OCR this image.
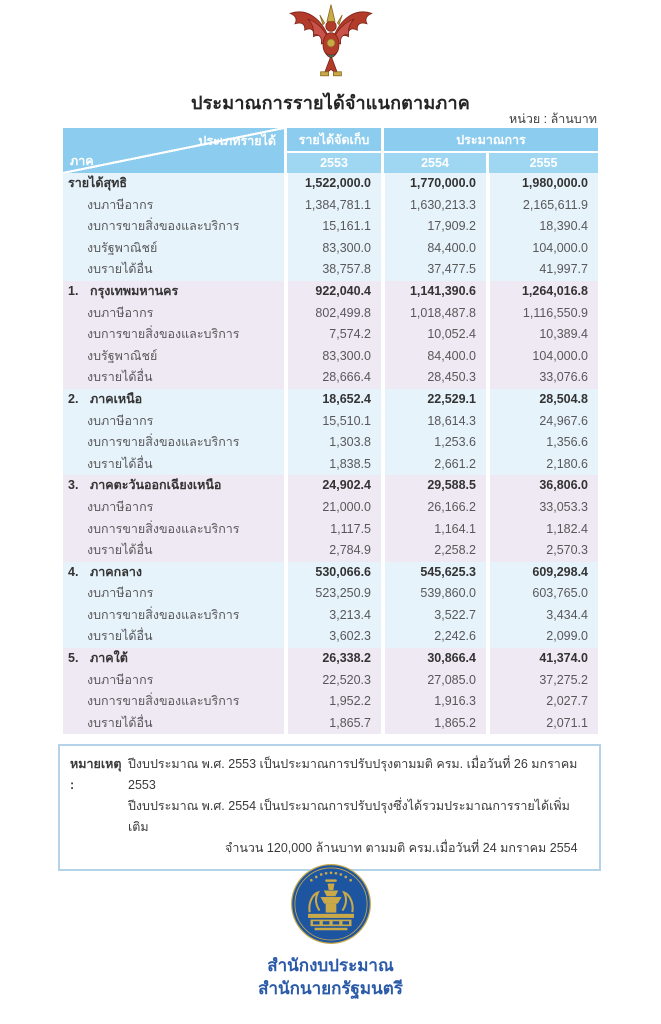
ประมาณการรายได้จำแนกตามภาค
หน่วย : ล้านบาท
ประเภทรายได้
ภาค	รายได้จัดเก็บ	ประมาณการ	
	2553	2554	2555

รายได้สุทธิ	1,522,000.0	1,770,000.0	1,980,000.0
งบภาษีอากร	1,384,781.1	1,630,213.3	2,165,611.9
งบการขายสิ่งของและบริการ	15,161.1	17,909.2	18,390.4
งบรัฐพาณิชย์	83,300.0	84,400.0	104,000.0
งบรายได้อื่น	38,757.8	37,477.5	41,997.7

1. กรุงเทพมหานคร	922,040.4	1,141,390.6	1,264,016.8
งบภาษีอากร	802,499.8	1,018,487.8	1,116,550.9
งบการขายสิ่งของและบริการ	7,574.2	10,052.4	10,389.4
งบรัฐพาณิชย์	83,300.0	84,400.0	104,000.0
งบรายได้อื่น	28,666.4	28,450.3	33,076.6

2. ภาคเหนือ	18,652.4	22,529.1	28,504.8
งบภาษีอากร	15,510.1	18,614.3	24,967.6
งบการขายสิ่งของและบริการ	1,303.8	1,253.6	1,356.6
งบรายได้อื่น	1,838.5	2,661.2	2,180.6

3. ภาคตะวันออกเฉียงเหนือ	24,902.4	29,588.5	36,806.0
งบภาษีอากร	21,000.0	26,166.2	33,053.3
งบการขายสิ่งของและบริการ	1,117.5	1,164.1	1,182.4
งบรายได้อื่น	2,784.9	2,258.2	2,570.3

4. ภาคกลาง	530,066.6	545,625.3	609,298.4
งบภาษีอากร	523,250.9	539,860.0	603,765.0
งบการขายสิ่งของและบริการ	3,213.4	3,522.7	3,434.4
งบรายได้อื่น	3,602.3	2,242.6	2,099.0

5. ภาคใต้	26,338.2	30,866.4	41,374.0
งบภาษีอากร	22,520.3	27,085.0	37,275.2
งบการขายสิ่งของและบริการ	1,952.2	1,916.3	2,027.7
งบรายได้อื่น	1,865.7	1,865.2	2,071.1
หมายเหตุ :
ปีงบประมาณ พ.ศ. 2553 เป็นประมาณการปรับปรุงตามมติ ครม. เมื่อวันที่ 26 มกราคม 2553
ปีงบประมาณ พ.ศ. 2554 เป็นประมาณการปรับปรุงซึ่งได้รวมประมาณการรายได้เพิ่มเติม
จำนวน 120,000 ล้านบาท ตามมติ ครม.เมื่อวันที่ 24 มกราคม 2554
สำนักงบประมาณ
สำนักนายกรัฐมนตรี
